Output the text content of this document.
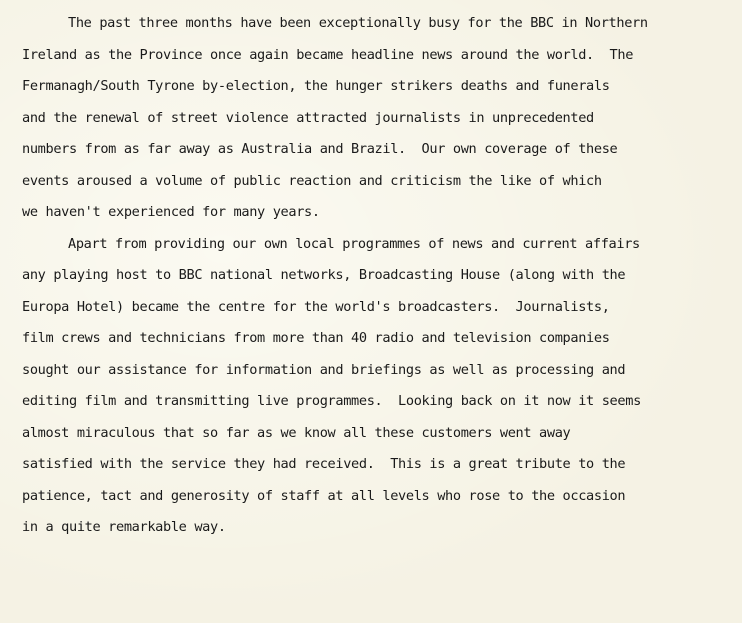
The past three months have been exceptionally busy for the BBC in Northern
Ireland as the Province once again became headline news around the world.  The
Fermanagh/South Tyrone by-election, the hunger strikers deaths and funerals
and the renewal of street violence attracted journalists in unprecedented
numbers from as far away as Australia and Brazil.  Our own coverage of these
events aroused a volume of public reaction and criticism the like of which
we haven't experienced for many years.
Apart from providing our own local programmes of news and current affairs
any playing host to BBC national networks, Broadcasting House (along with the
Europa Hotel) became the centre for the world's broadcasters.  Journalists,
film crews and technicians from more than 40 radio and television companies
sought our assistance for information and briefings as well as processing and
editing film and transmitting live programmes.  Looking back on it now it seems
almost miraculous that so far as we know all these customers went away
satisfied with the service they had received.  This is a great tribute to the
patience, tact and generosity of staff at all levels who rose to the occasion
in a quite remarkable way.
